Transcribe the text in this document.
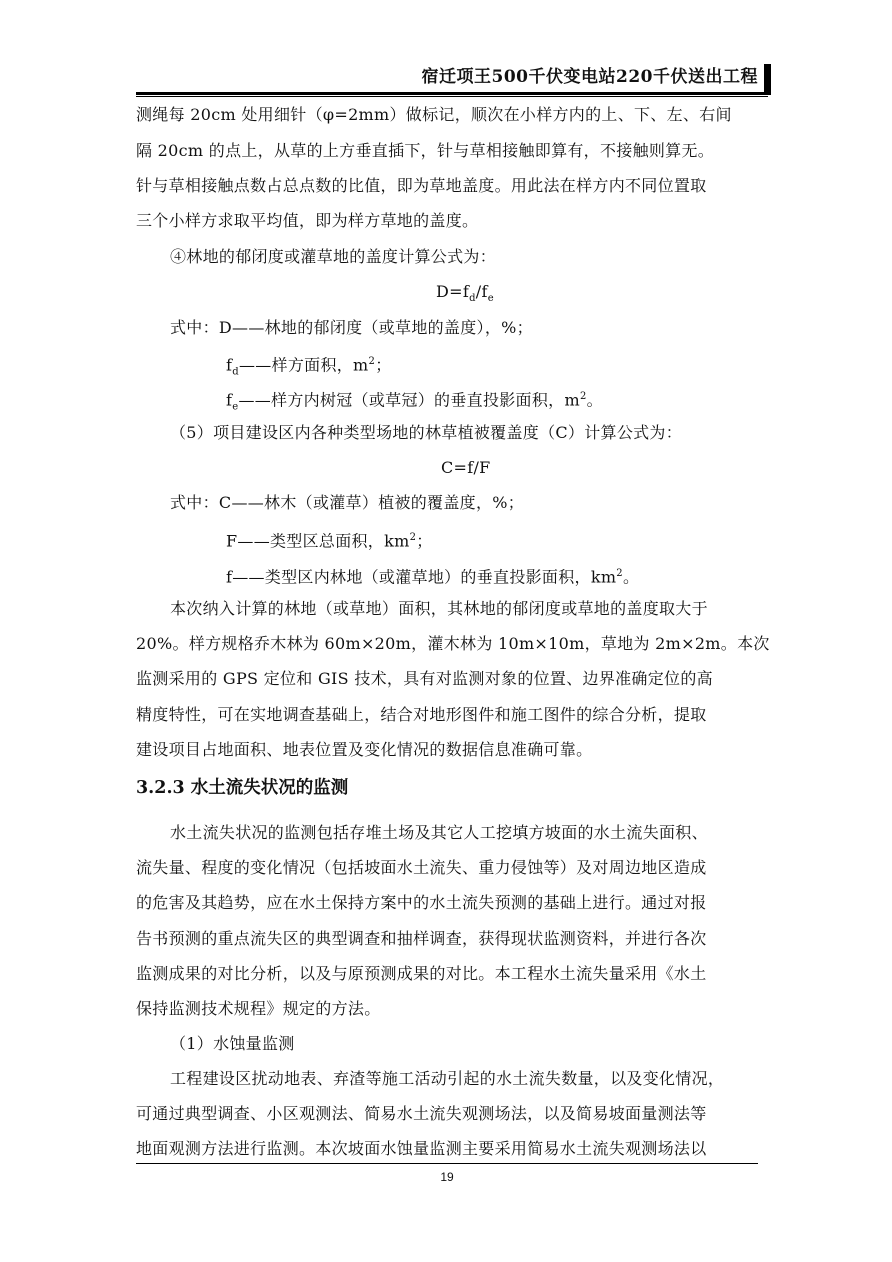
宿迁项王500千伏变电站220千伏送出工程
测绳每 20cm 处用细针（φ=2mm）做标记，顺次在小样方内的上、下、左、右间
隔 20cm 的点上，从草的上方垂直插下，针与草相接触即算有，不接触则算无。
针与草相接触点数占总点数的比值，即为草地盖度。用此法在样方内不同位置取
三个小样方求取平均值，即为样方草地的盖度。
④林地的郁闭度或灌草地的盖度计算公式为：
$D=f_d/f_e$
式中：D——林地的郁闭度（或草地的盖度），%；
$f_d——$样方面积，$m^2$；
$f_e——$样方内树冠（或草冠）的垂直投影面积，$m^2$。
（5）项目建设区内各种类型场地的林草植被覆盖度（C）计算公式为：
C=f/F
式中：C——林木（或灌草）植被的覆盖度，%；
F——类型区总面积，$km^2$；
f——类型区内林地（或灌草地）的垂直投影面积，$km^2$。
本次纳入计算的林地（或草地）面积，其林地的郁闭度或草地的盖度取大于
20%。样方规格乔木林为 60m×20m，灌木林为 10m×10m，草地为 2m×2m。本次
监测采用的 GPS 定位和 GIS 技术，具有对监测对象的位置、边界准确定位的高
精度特性，可在实地调查基础上，结合对地形图件和施工图件的综合分析，提取
建设项目占地面积、地表位置及变化情况的数据信息准确可靠。
3.2.3 水土流失状况的监测
水土流失状况的监测包括存堆土场及其它人工挖填方坡面的水土流失面积、
流失量、程度的变化情况（包括坡面水土流失、重力侵蚀等）及对周边地区造成
的危害及其趋势，应在水土保持方案中的水土流失预测的基础上进行。通过对报
告书预测的重点流失区的典型调查和抽样调查，获得现状监测资料，并进行各次
监测成果的对比分析，以及与原预测成果的对比。本工程水土流失量采用《水土
保持监测技术规程》规定的方法。
（1）水蚀量监测
工程建设区扰动地表、弃渣等施工活动引起的水土流失数量，以及变化情况，
可通过典型调查、小区观测法、简易水土流失观测场法，以及简易坡面量测法等
地面观测方法进行监测。本次坡面水蚀量监测主要采用简易水土流失观测场法以
19
